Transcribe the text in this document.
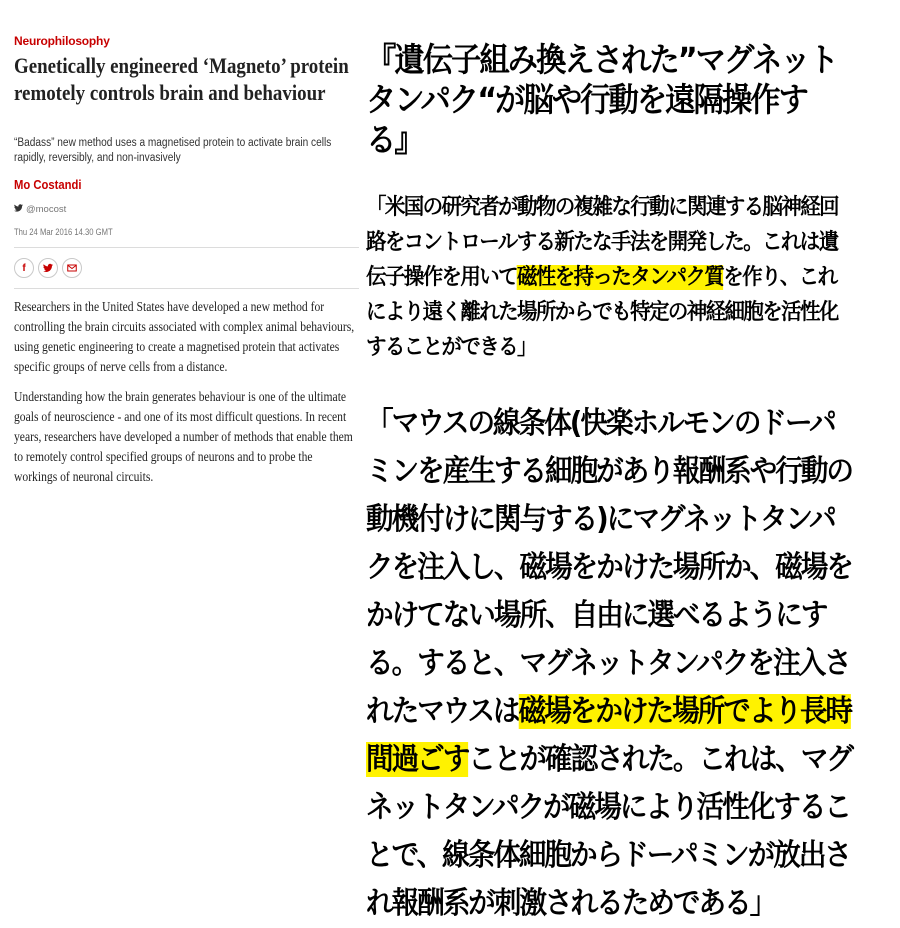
Neurophilosophy
Genetically engineered ‘Magneto’ protein remotely controls brain and behaviour
“Badass” new method uses a magnetised protein to activate brain cells rapidly, reversibly, and non-invasively
Mo Costandi
@mocost
Thu 24 Mar 2016 14.30 GMT
f

Researchers in the United States have developed a new method for controlling the brain circuits associated with complex animal behaviours, using genetic engineering to create a magnetised protein that activates specific groups of nerve cells from a distance.

Understanding how the brain generates behaviour is one of the ultimate goals of neuroscience - and one of its most difficult questions. In recent years, researchers have developed a number of methods that enable them to remotely control specified groups of neurons and to probe the workings of neuronal circuits.

『遺伝子組み換えされた”マグネットタンパク“が脳や行動を遠隔操作する』
「米国の研究者が動物の複雑な行動に関連する脳神経回路をコントロールする新たな手法を開発した。これは遺伝子操作を用いて磁性を持ったタンパク質を作り、これにより遠く離れた場所からでも特定の神経細胞を活性化することができる」
「マウスの線条体(快楽ホルモンのドーパミンを産生する細胞があり報酬系や行動の動機付けに関与する)にマグネットタンパクを注入し、磁場をかけた場所か、磁場をかけてない場所、自由に選べるようにする。すると、マグネットタンパクを注入されたマウスは磁場をかけた場所でより長時間過ごすことが確認された。これは、マグネットタンパクが磁場により活性化することで、線条体細胞からドーパミンが放出され報酬系が刺激されるためである」
